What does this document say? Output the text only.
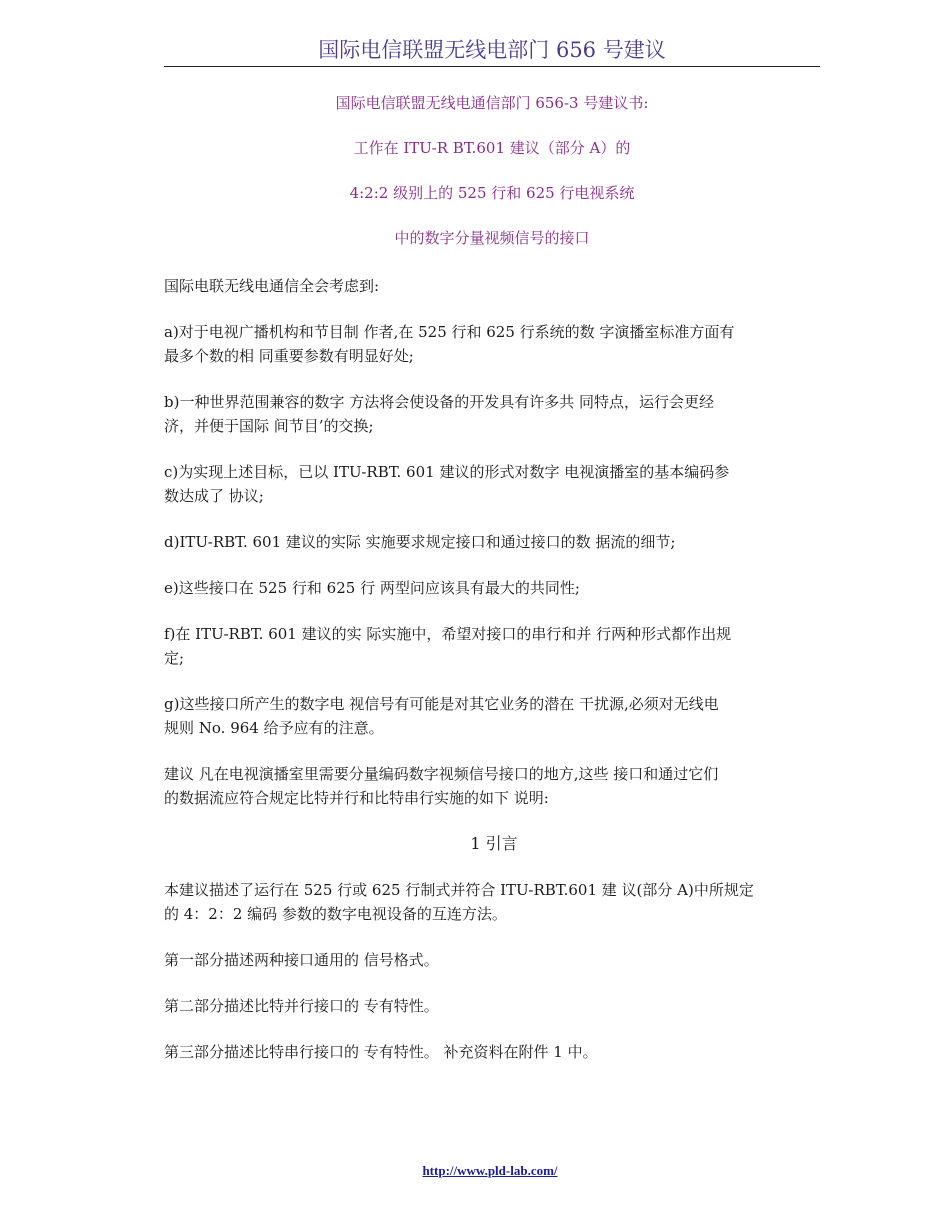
国际电信联盟无线电部门 656 号建议
国际电信联盟无线电通信部门 656-3 号建议书:
工作在 ITU-R BT.601 建议（部分 A）的
4:2:2 级别上的 525 行和 625 行电视系统
中的数字分量视频信号的接口

国际电联无线电通信全会考虑到:

a)对于电视广播机构和节目制 作者,在 525 行和 625 行系统的数 字演播室标准方面有
最多个数的相 同重要参数有明显好处;

b)一种世界范围兼容的数字 方法将会使设备的开发具有许多共 同特点，运行会更经
济，并便于国际 间节目’的交换;

c)为实现上述目标，已以 ITU-RBT. 601 建议的形式对数字 电视演播室的基本编码参
数达成了 协议;

d)ITU-RBT. 601 建议的实际 实施要求规定接口和通过接口的数 据流的细节;

e)这些接口在 525 行和 625 行 两型问应该具有最大的共同性;

f)在 ITU-RBT. 601 建议的实 际实施中，希望对接口的串行和并 行两种形式都作出规
定;

g)这些接口所产生的数字电 视信号有可能是对其它业务的潜在 干扰源,必须对无线电
规则 No. 964 给予应有的注意。

建议 凡在电视演播室里需要分量编码数字视频信号接口的地方,这些 接口和通过它们
的数据流应符合规定比特并行和比特串行实施的如下 说明:

1 引言

本建议描述了运行在 525 行或 625 行制式并符合 ITU-RBT.601 建 议(部分 A)中所规定
的 4：2：2 编码 参数的数字电视设备的互连方法。

第一部分描述两种接口通用的 信号格式。

第二部分描述比特并行接口的 专有特性。

第三部分描述比特串行接口的 专有特性。 补充资料在附件 1 中。

http://www.pld-lab.com/
